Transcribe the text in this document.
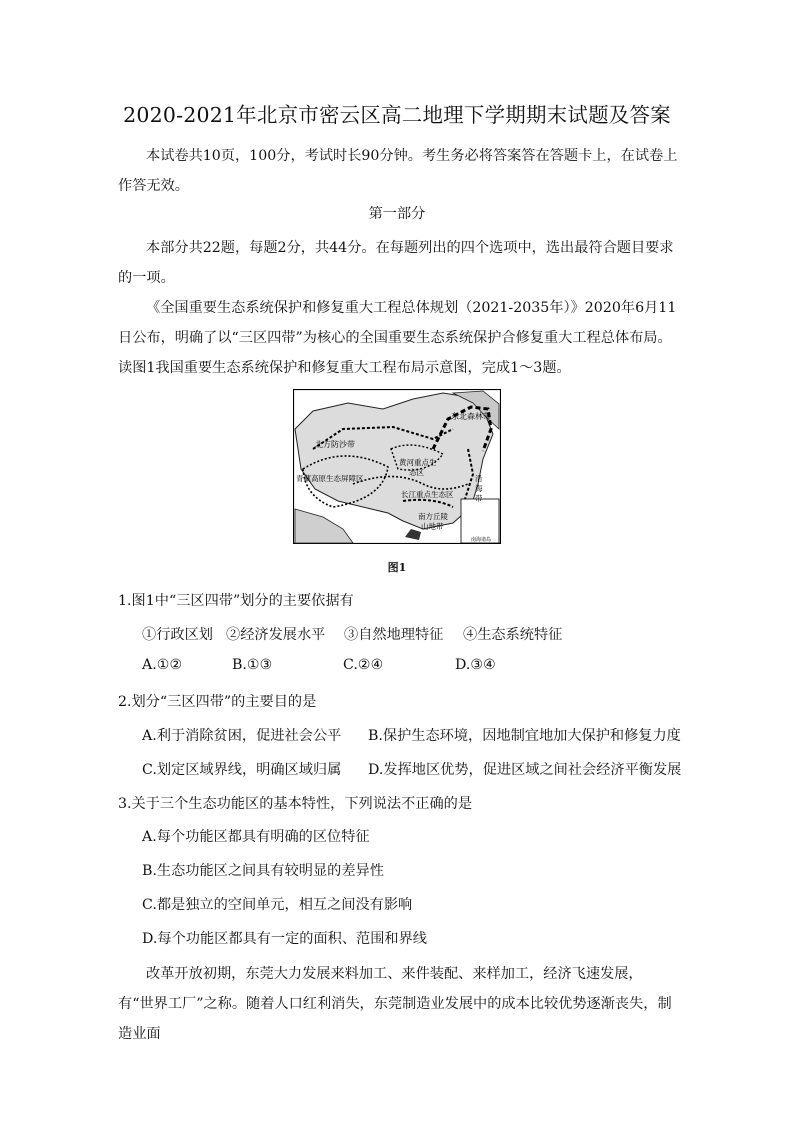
2020-2021年北京市密云区高二地理下学期期末试题及答案

本试卷共10页，100分，考试时长90分钟。考生务必将答案答在答题卡上，在试卷上作答无效。

第一部分

本部分共22题，每题2分，共44分。在每题列出的四个选项中，选出最符合题目要求的一项。

《全国重要生态系统保护和修复重大工程总体规划（2021-2035年）》2020年6月11日公布，明确了以“三区四带”为核心的全国重要生态系统保护合修复重大工程总体布局。读图1我国重要生态系统保护和修复重大工程布局示意图，完成1～3题。

东北森林带
北方防沙带
黄河重点生
态区
青藏高原生态屏障区
长江重点生态区
沿
海
带
南方丘陵
山地带
南海诸岛
图1
1.图1中“三区四带”划分的主要依据有
①行政区划 ②经济发展水平 ③自然地理特征 ④生态系统特征
A.①②	B.①③	C.②④	D.③④
2.划分“三区四带”的主要目的是
A.利于消除贫困，促进社会公平 B.保护生态环境，因地制宜地加大保护和修复力度
C.划定区域界线，明确区域归属 D.发挥地区优势，促进区域之间社会经济平衡发展
3.关于三个生态功能区的基本特性，下列说法不正确的是
A.每个功能区都具有明确的区位特征
B.生态功能区之间具有较明显的差异性
C.都是独立的空间单元，相互之间没有影响
D.每个功能区都具有一定的面积、范围和界线

改革开放初期，东莞大力发展来料加工、来件装配、来样加工，经济飞速发展，有“世界工厂”之称。随着人口红利消失，东莞制造业发展中的成本比较优势逐渐丧失，制造业面
